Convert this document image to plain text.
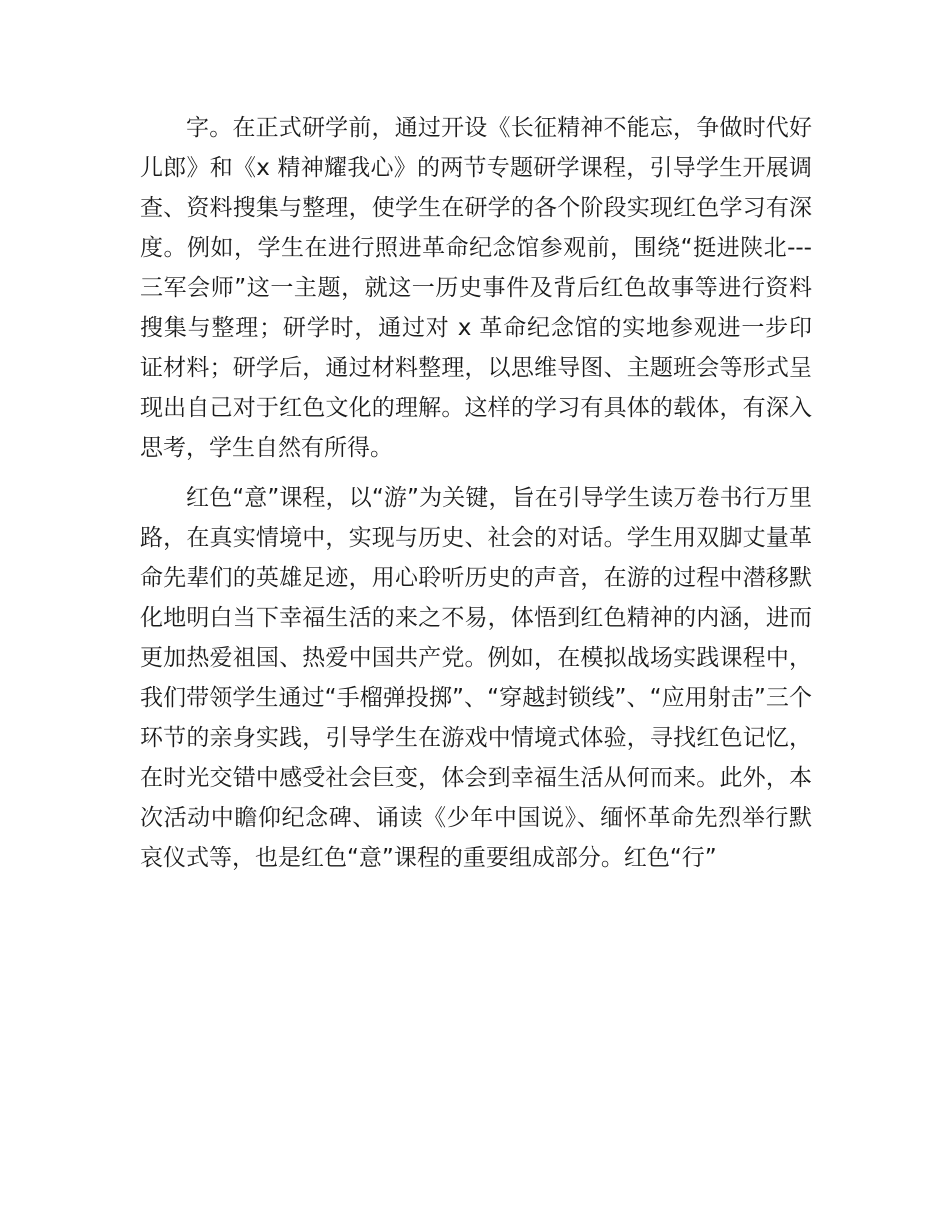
字。在正式研学前，通过开设《长征精神不能忘，争做时代好儿郎》和《x 精神耀我心》的两节专题研学课程，引导学生开展调查、资料搜集与整理，使学生在研学的各个阶段实现红色学习有深度。例如，学生在进行照进革命纪念馆参观前，围绕“挺进陕北---三军会师”这一主题，就这一历史事件及背后红色故事等进行资料搜集与整理；研学时，通过对 x 革命纪念馆的实地参观进一步印证材料；研学后，通过材料整理，以思维导图、主题班会等形式呈现出自己对于红色文化的理解。这样的学习有具体的载体，有深入思考，学生自然有所得。

红色“意”课程，以“游”为关键，旨在引导学生读万卷书行万里路，在真实情境中，实现与历史、社会的对话。学生用双脚丈量革命先辈们的英雄足迹，用心聆听历史的声音，在游的过程中潜移默化地明白当下幸福生活的来之不易，体悟到红色精神的内涵，进而更加热爱祖国、热爱中国共产党。例如，在模拟战场实践课程中，我们带领学生通过“手榴弹投掷”、“穿越封锁线”、“应用射击”三个环节的亲身实践，引导学生在游戏中情境式体验，寻找红色记忆，在时光交错中感受社会巨变，体会到幸福生活从何而来。此外，本次活动中瞻仰纪念碑、诵读《少年中国说》、缅怀革命先烈举行默哀仪式等，也是红色“意”课程的重要组成部分。红色“行”
